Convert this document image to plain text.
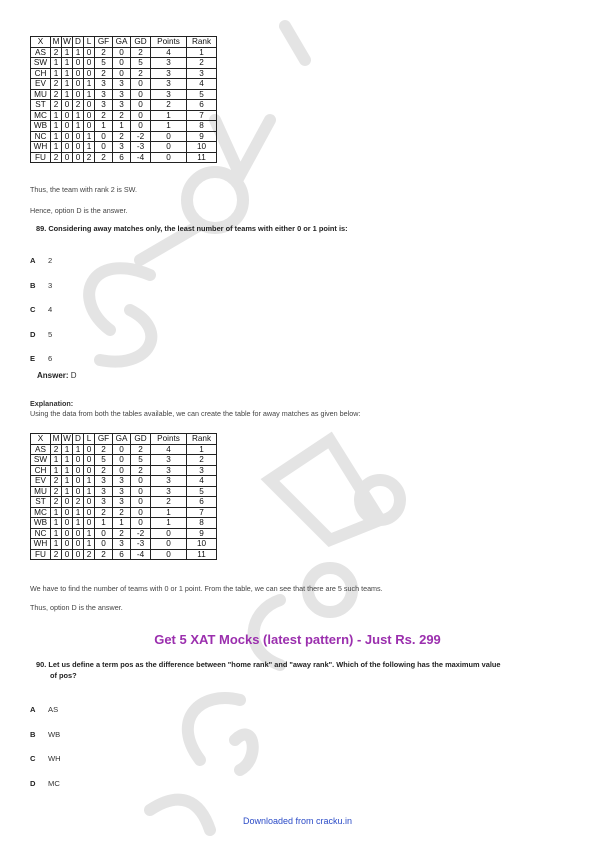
X	M	W	D	L	GF	GA	GD	Points	Rank
AS	2	1	1	0	2	0	2	4	1
SW	1	1	0	0	5	0	5	3	2
CH	1	1	0	0	2	0	2	3	3
EV	2	1	0	1	3	3	0	3	4
MU	2	1	0	1	3	3	0	3	5
ST	2	0	2	0	3	3	0	2	6
MC	1	0	1	0	2	2	0	1	7
WB	1	0	1	0	1	1	0	1	8
NC	1	0	0	1	0	2	-2	0	9
WH	1	0	0	1	0	3	-3	0	10
FU	2	0	0	2	2	6	-4	0	11
Thus, the team with rank 2 is SW.
Hence, option D is the answer.
89. Considering away matches only, the least number of teams with either 0 or 1 point is:
A 2
B 3
C 4
D 5
E 6
Answer: D
Explanation:
Using the data from both the tables available, we can create the table for away matches as given below:
X	M	W	D	L	GF	GA	GD	Points	Rank
AS	2	1	1	0	2	0	2	4	1
SW	1	1	0	0	5	0	5	3	2
CH	1	1	0	0	2	0	2	3	3
EV	2	1	0	1	3	3	0	3	4
MU	2	1	0	1	3	3	0	3	5
ST	2	0	2	0	3	3	0	2	6
MC	1	0	1	0	2	2	0	1	7
WB	1	0	1	0	1	1	0	1	8
NC	1	0	0	1	0	2	-2	0	9
WH	1	0	0	1	0	3	-3	0	10
FU	2	0	0	2	2	6	-4	0	11
We have to find the number of teams with 0 or 1 point. From the table, we can see that there are 5 such teams.
Thus, option D is the answer.
Get 5 XAT Mocks (latest pattern) - Just Rs. 299
90. Let us define a term pos as the difference between "home rank" and "away rank". Which of the following has the maximum value
of pos?
A AS
B WB
C WH
D MC
Downloaded from cracku.in
